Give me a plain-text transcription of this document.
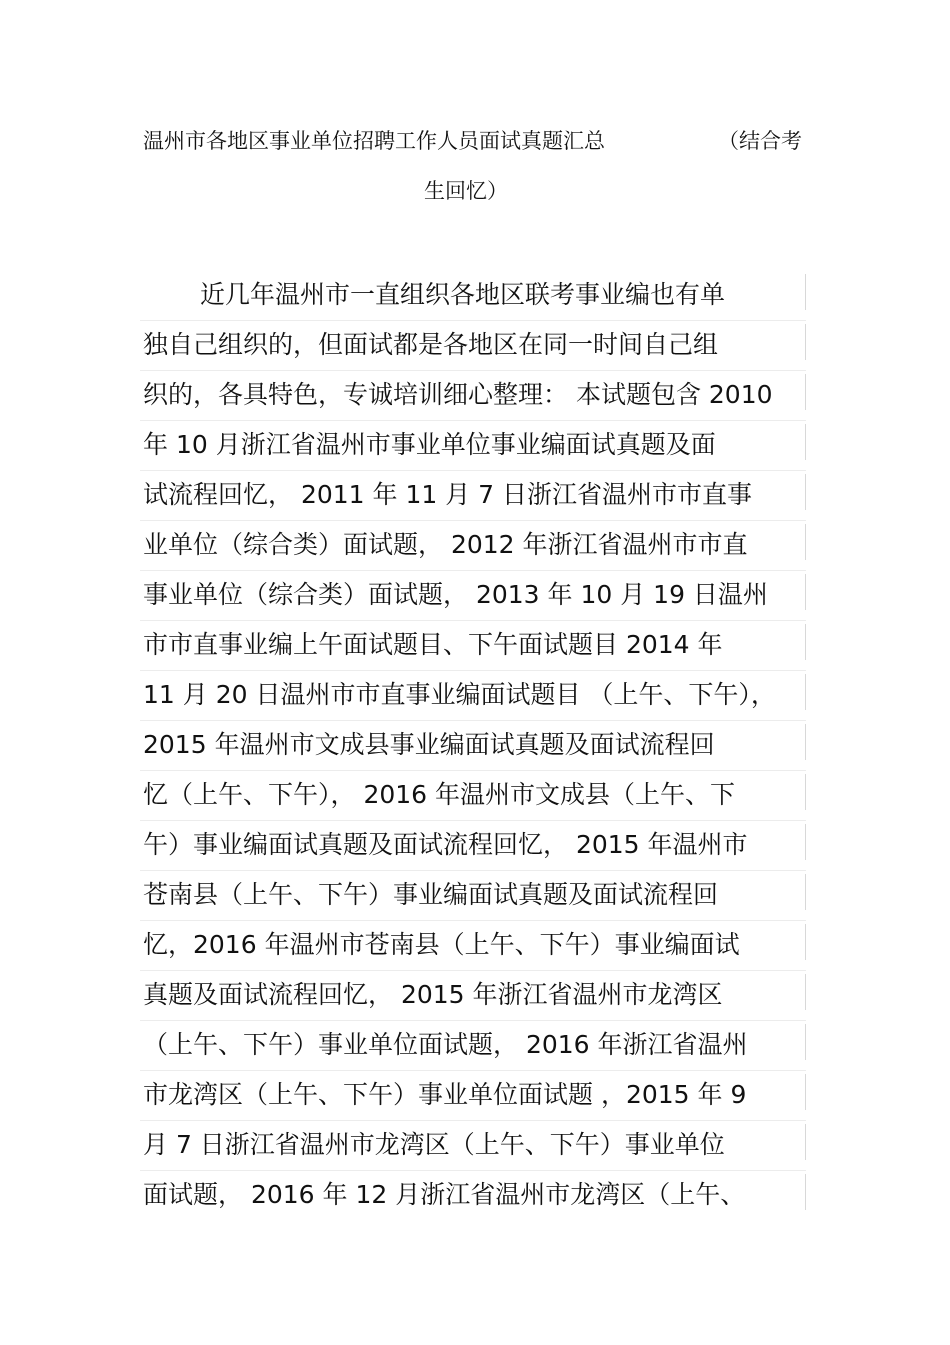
温州市各地区事业单位招聘工作人员面试真题汇总	（结合考
生回忆）
近几年温州市一直组织各地区联考事业编也有单
独自己组织的，但面试都是各地区在同一时间自己组
织的，各具特色，专诚培训细心整理： 本试题包含 2010
年 10 月浙江省温州市事业单位事业编面试真题及面
试流程回忆， 2011 年 11 月 7 日浙江省温州市市直事
业单位（综合类）面试题， 2012 年浙江省温州市市直
事业单位（综合类）面试题， 2013 年 10 月 19 日温州
市市直事业编上午面试题目、下午面试题目 2014 年
11 月 20 日温州市市直事业编面试题目 （上午、下午），
2015 年温州市文成县事业编面试真题及面试流程回
忆（上午、下午）， 2016 年温州市文成县（上午、下
午）事业编面试真题及面试流程回忆， 2015 年温州市
苍南县（上午、下午）事业编面试真题及面试流程回
忆，2016 年温州市苍南县（上午、下午）事业编面试
真题及面试流程回忆， 2015 年浙江省温州市龙湾区
（上午、下午）事业单位面试题， 2016 年浙江省温州
市龙湾区（上午、下午）事业单位面试题 ，2015 年 9
月 7 日浙江省温州市龙湾区（上午、下午）事业单位
面试题， 2016 年 12 月浙江省温州市龙湾区（上午、
